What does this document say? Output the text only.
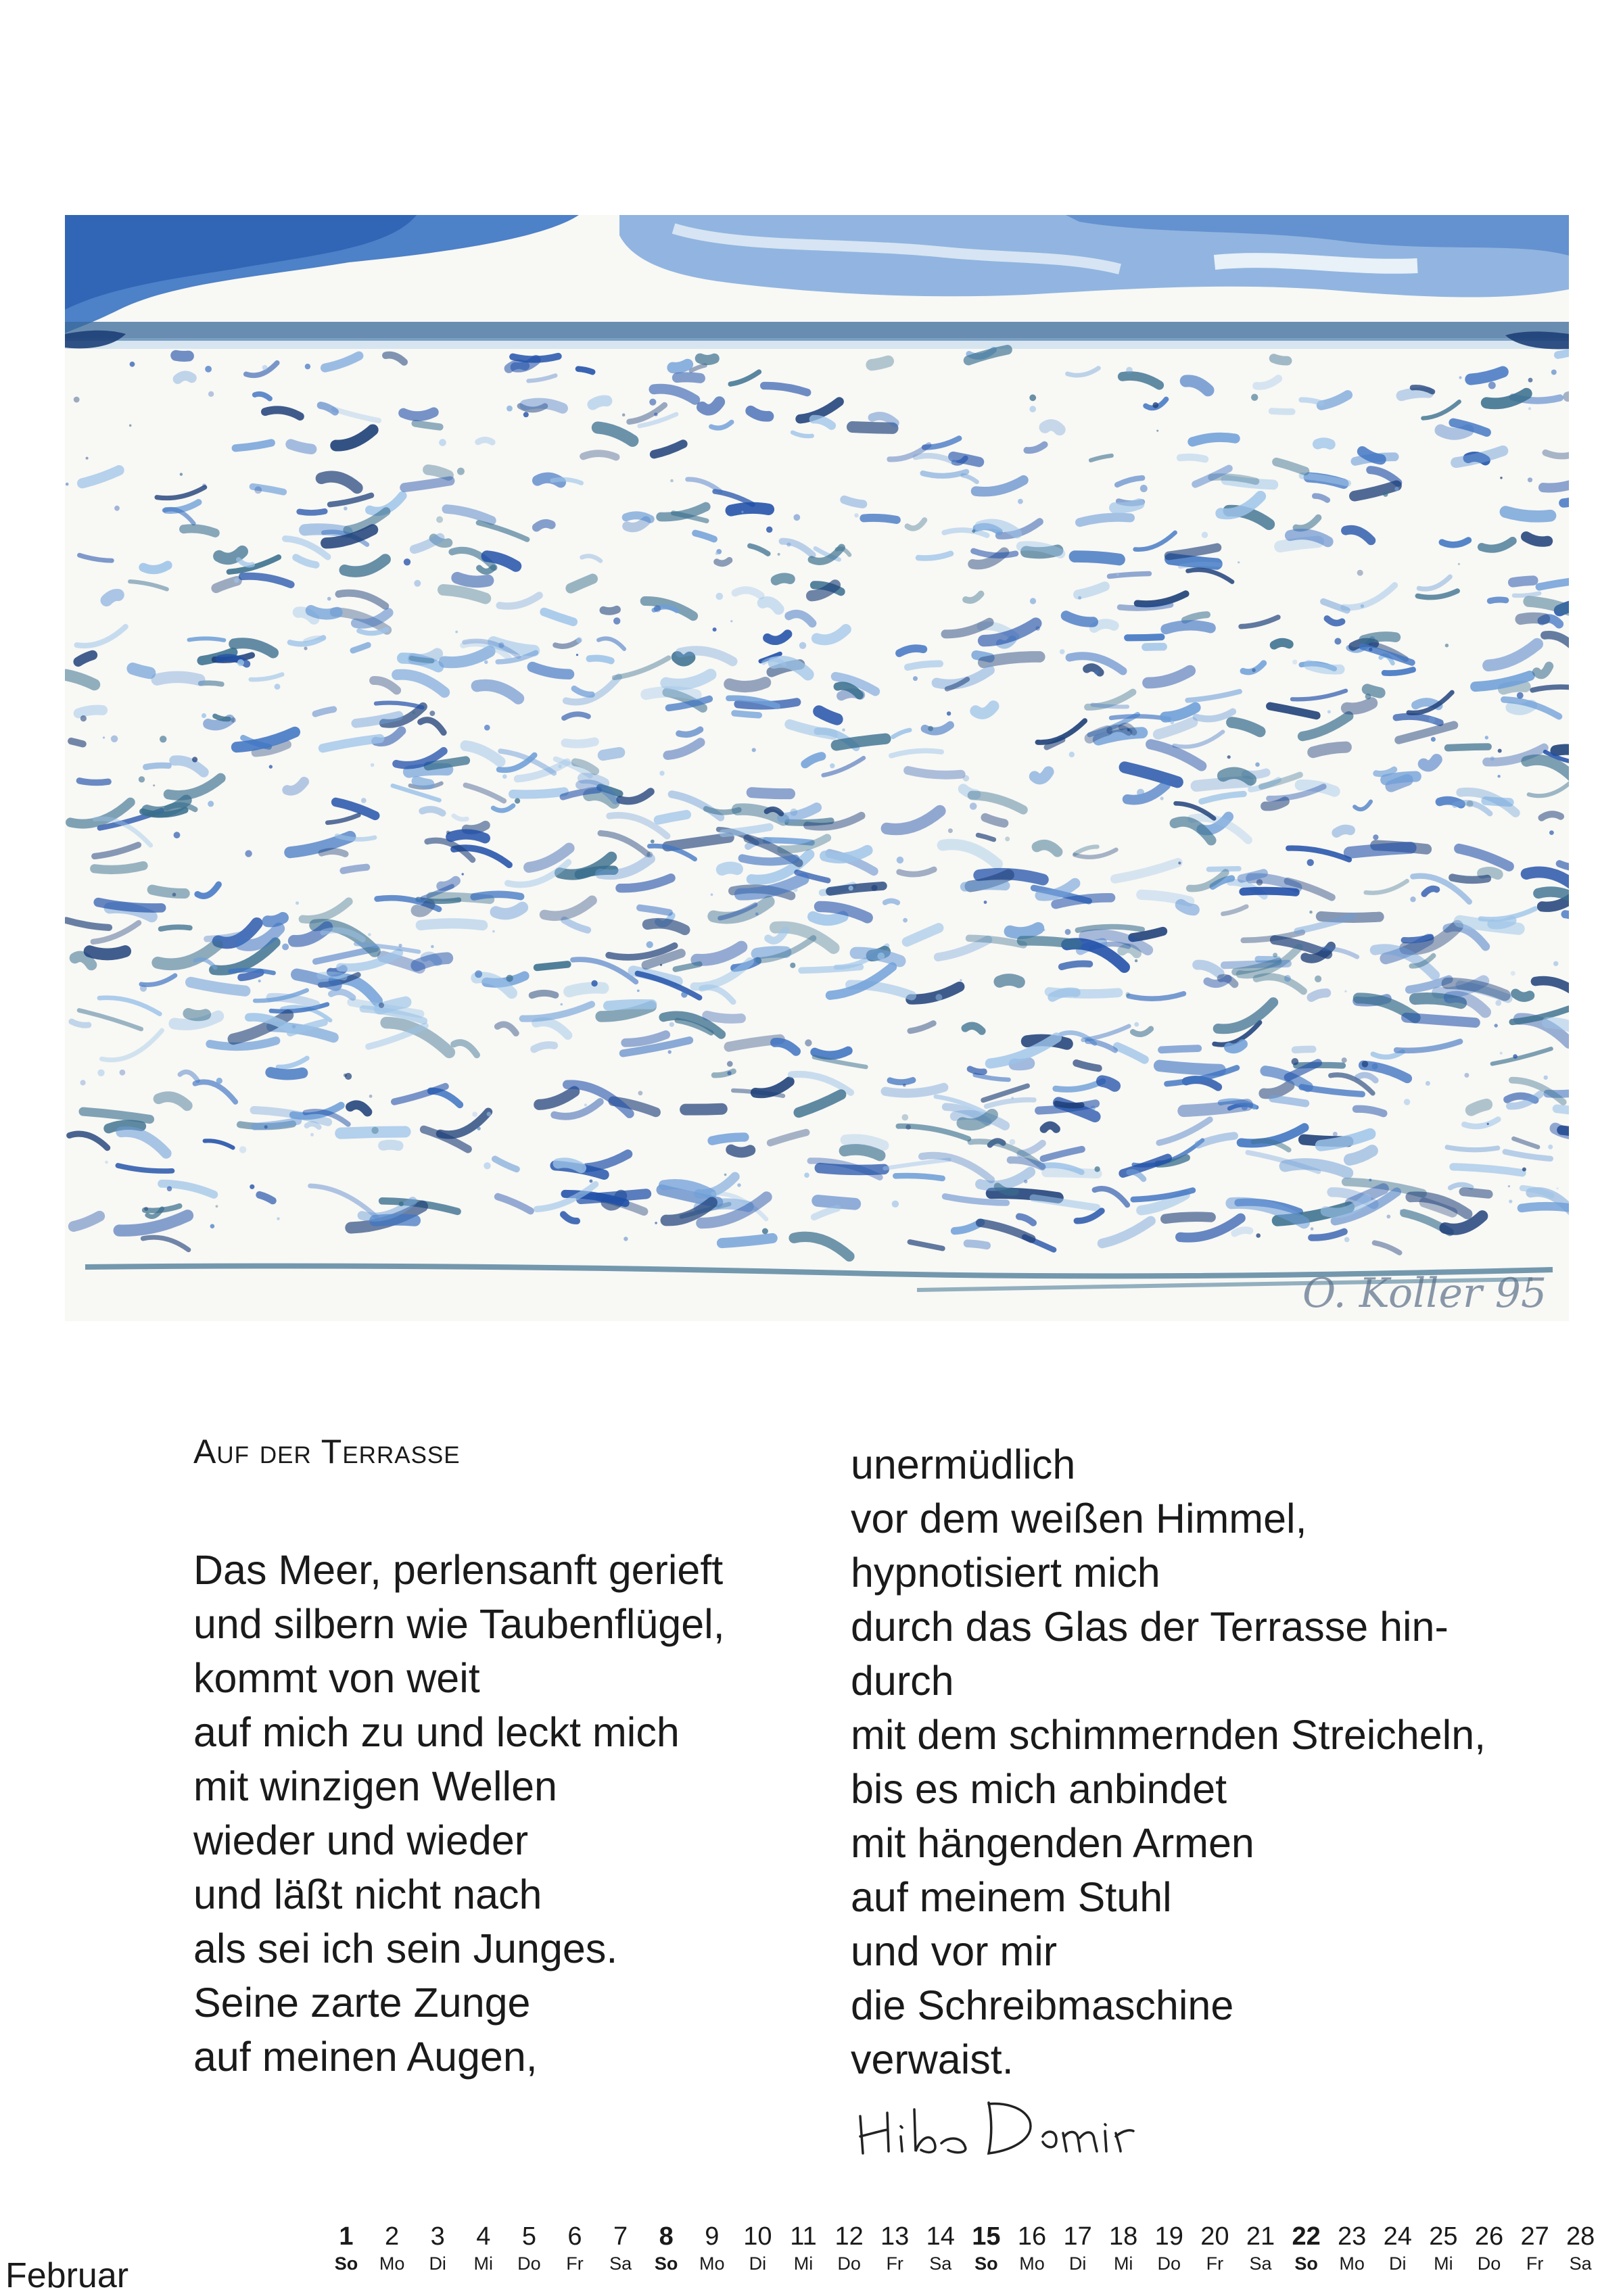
O. Koller 95
Auf der Terrasse
Das Meer, perlensanft gerieft
und silbern wie Taubenflügel,
kommt von weit
auf mich zu und leckt mich
mit winzigen Wellen
wieder und wieder
und läßt nicht nach
als sei ich sein Junges.
Seine zarte Zunge
auf meinen Augen,
unermüdlich
vor dem weißen Himmel,
hypnotisiert mich
durch das Glas der Terrasse hin-
durch
mit dem schimmernden Streicheln,
bis es mich anbindet
mit hängenden Armen
auf meinem Stuhl
und vor mir
die Schreibmaschine
verwaist.
Februar
1
So
2
Mo
3
Di
4
Mi
5
Do
6
Fr
7
Sa
8
So
9
Mo
10
Di
11
Mi
12
Do
13
Fr
14
Sa
15
So
16
Mo
17
Di
18
Mi
19
Do
20
Fr
21
Sa
22
So
23
Mo
24
Di
25
Mi
26
Do
27
Fr
28
Sa
